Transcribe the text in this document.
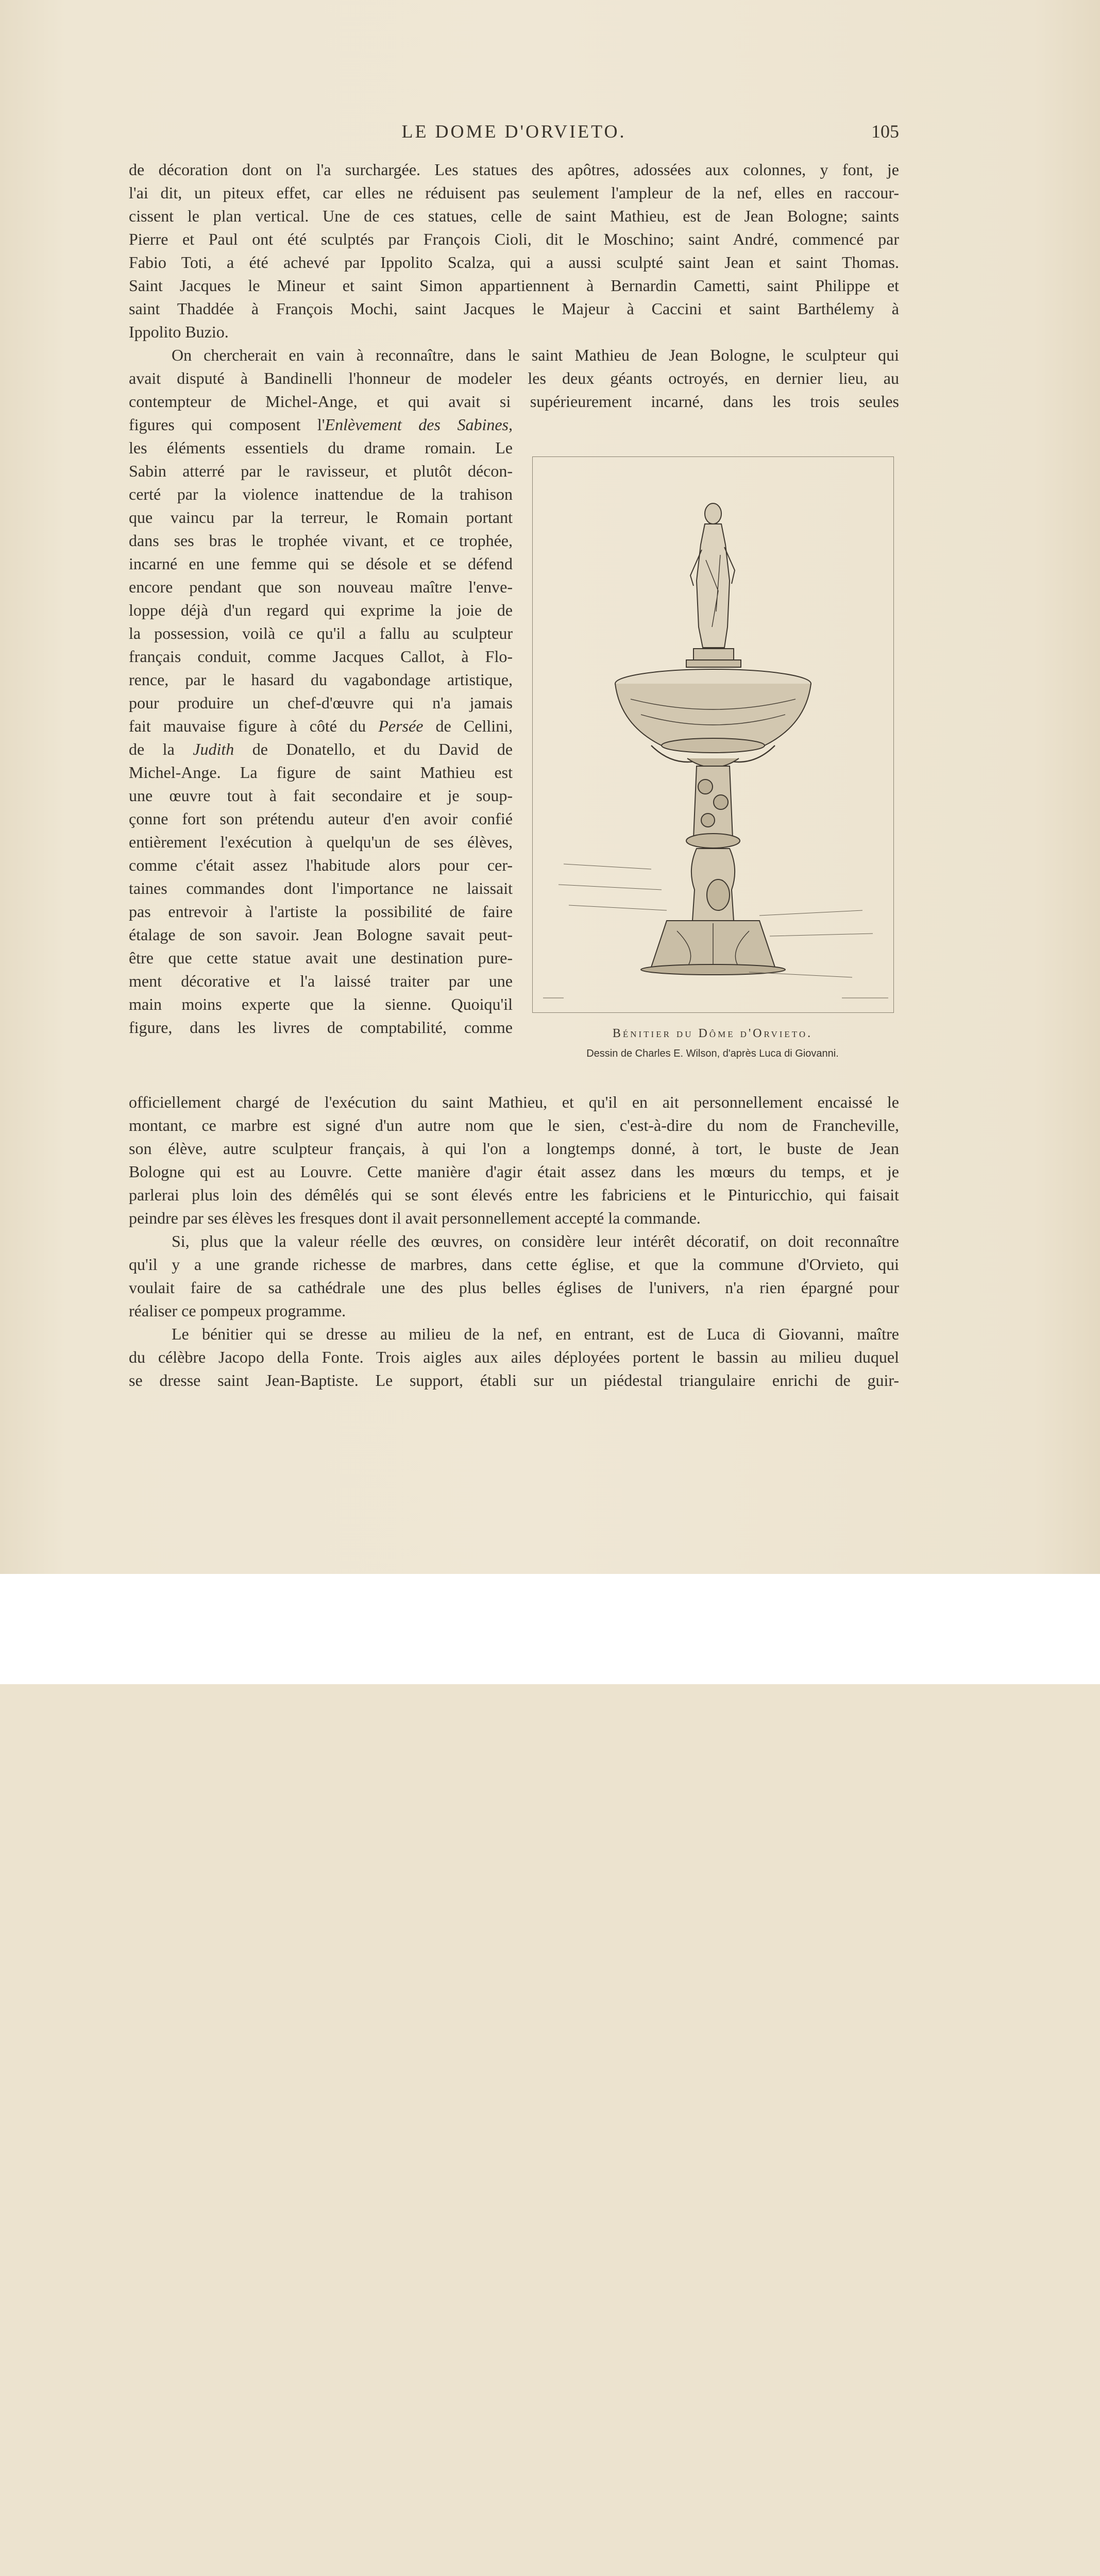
LE DOME D'ORVIETO.	105
de décoration dont on l'a surchargée. Les statues des apôtres, adossées aux colonnes, y font, je
l'ai dit, un piteux effet, car elles ne réduisent pas seulement l'ampleur de la nef, elles en raccour-
cissent le plan vertical. Une de ces statues, celle de saint Mathieu, est de Jean Bologne; saints
Pierre et Paul ont été sculptés par François Cioli, dit le Moschino; saint André, commencé par
Fabio Toti, a été achevé par Ippolito Scalza, qui a aussi sculpté saint Jean et saint Thomas.
Saint Jacques le Mineur et saint Simon appartiennent à Bernardin Cametti, saint Philippe et
saint Thaddée à François Mochi, saint Jacques le Majeur à Caccini et saint Barthélemy à
Ippolito Buzio.
On chercherait en vain à reconnaître, dans le saint Mathieu de Jean Bologne, le sculpteur qui
avait disputé à Bandinelli l'honneur de modeler les deux géants octroyés, en dernier lieu, au
contempteur de Michel-Ange, et qui avait si supérieurement incarné, dans les trois seules
figures qui composent l'Enlèvement des Sabines,
les éléments essentiels du drame romain. Le
Sabin atterré par le ravisseur, et plutôt décon-
certé par la violence inattendue de la trahison
que vaincu par la terreur, le Romain portant
dans ses bras le trophée vivant, et ce trophée,
incarné en une femme qui se désole et se défend
encore pendant que son nouveau maître l'enve-
loppe déjà d'un regard qui exprime la joie de
la possession, voilà ce qu'il a fallu au sculpteur
français conduit, comme Jacques Callot, à Flo-
rence, par le hasard du vagabondage artistique,
pour produire un chef-d'œuvre qui n'a jamais
fait mauvaise figure à côté du Persée de Cellini,
de la Judith de Donatello, et du David de
Michel-Ange. La figure de saint Mathieu est
une œuvre tout à fait secondaire et je soup-
çonne fort son prétendu auteur d'en avoir confié
entièrement l'exécution à quelqu'un de ses élèves,
comme c'était assez l'habitude alors pour cer-
taines commandes dont l'importance ne laissait
pas entrevoir à l'artiste la possibilité de faire
étalage de son savoir. Jean Bologne savait peut-
être que cette statue avait une destination pure-
ment décorative et l'a laissé traiter par une
main moins experte que la sienne. Quoiqu'il
figure, dans les livres de comptabilité, comme
officiellement chargé de l'exécution du saint Mathieu, et qu'il en ait personnellement encaissé le
montant, ce marbre est signé d'un autre nom que le sien, c'est-à-dire du nom de Francheville,
son élève, autre sculpteur français, à qui l'on a longtemps donné, à tort, le buste de Jean
Bologne qui est au Louvre. Cette manière d'agir était assez dans les mœurs du temps, et je
parlerai plus loin des démêlés qui se sont élevés entre les fabriciens et le Pinturicchio, qui faisait
peindre par ses élèves les fresques dont il avait personnellement accepté la commande.
Si, plus que la valeur réelle des œuvres, on considère leur intérêt décoratif, on doit reconnaître
qu'il y a une grande richesse de marbres, dans cette église, et que la commune d'Orvieto, qui
voulait faire de sa cathédrale une des plus belles églises de l'univers, n'a rien épargné pour
réaliser ce pompeux programme.
Le bénitier qui se dresse au milieu de la nef, en entrant, est de Luca di Giovanni, maître
du célèbre Jacopo della Fonte. Trois aigles aux ailes déployées portent le bassin au milieu duquel
se dresse saint Jean-Baptiste. Le support, établi sur un piédestal triangulaire enrichi de guir-
Bénitier du Dôme d'Orvieto.
Dessin de Charles E. Wilson, d'après Luca di Giovanni.
